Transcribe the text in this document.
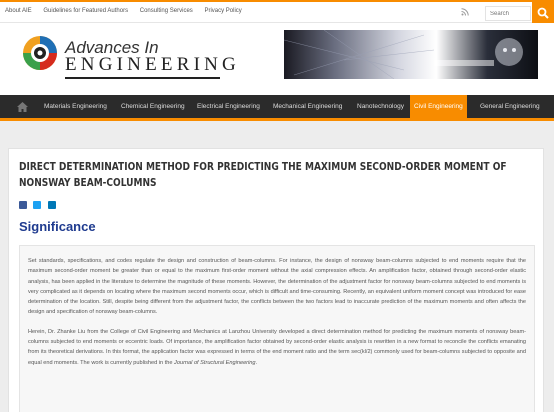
About AIE Guidelines for Featured Authors Consulting Services Privacy Policy
Search
Advances In
ENGINEERING
Materials Engineering Chemical Engineering Electrical Engineering Mechanical Engineering Nanotechnology	Civil Engineering	General Engineering
DIRECT DETERMINATION METHOD FOR PREDICTING THE MAXIMUM SECOND-ORDER MOMENT OF NONSWAY BEAM-COLUMNS

Significance

Set standards, specifications, and codes regulate the design and construction of beam-columns. For instance, the design of nonsway beam-columns subjected to end moments require that the maximum second-order moment be greater than or equal to the maximum first-order moment without the axial compression effects. An amplification factor, obtained through second-order elastic analysis, has been applied in the literature to determine the magnitude of these moments. However, the determination of the adjustment factor for nonsway beam-columns subjected to end moments is very complicated as it depends on locating where the maximum second moments occur, which is difficult and time-consuming. Recently, an equivalent uniform moment concept was introduced for ease determination of the location. Still, despite being different from the adjustment factor, the conflicts between the two factors lead to inaccurate prediction of the maximum moments and often affects the design and specification of nonsway beam-columns.

Herein, Dr. Zhanke Liu from the College of Civil Engineering and Mechanics at Lanzhou University developed a direct determination method for predicting the maximum moments of nonsway beam-columns subjected to end moments or eccentric loads. Of importance, the amplification factor obtained by second-order elastic analysis is rewritten in a new format to reconcile the conflicts emanating from its theoretical derivations. In this format, the application factor was expressed in terms of the end moment ratio and the term sec(kl/2) commonly used for beam-columns subjected to opposite and equal end moments. The work is currently published in the Journal of Structural Engineering.
